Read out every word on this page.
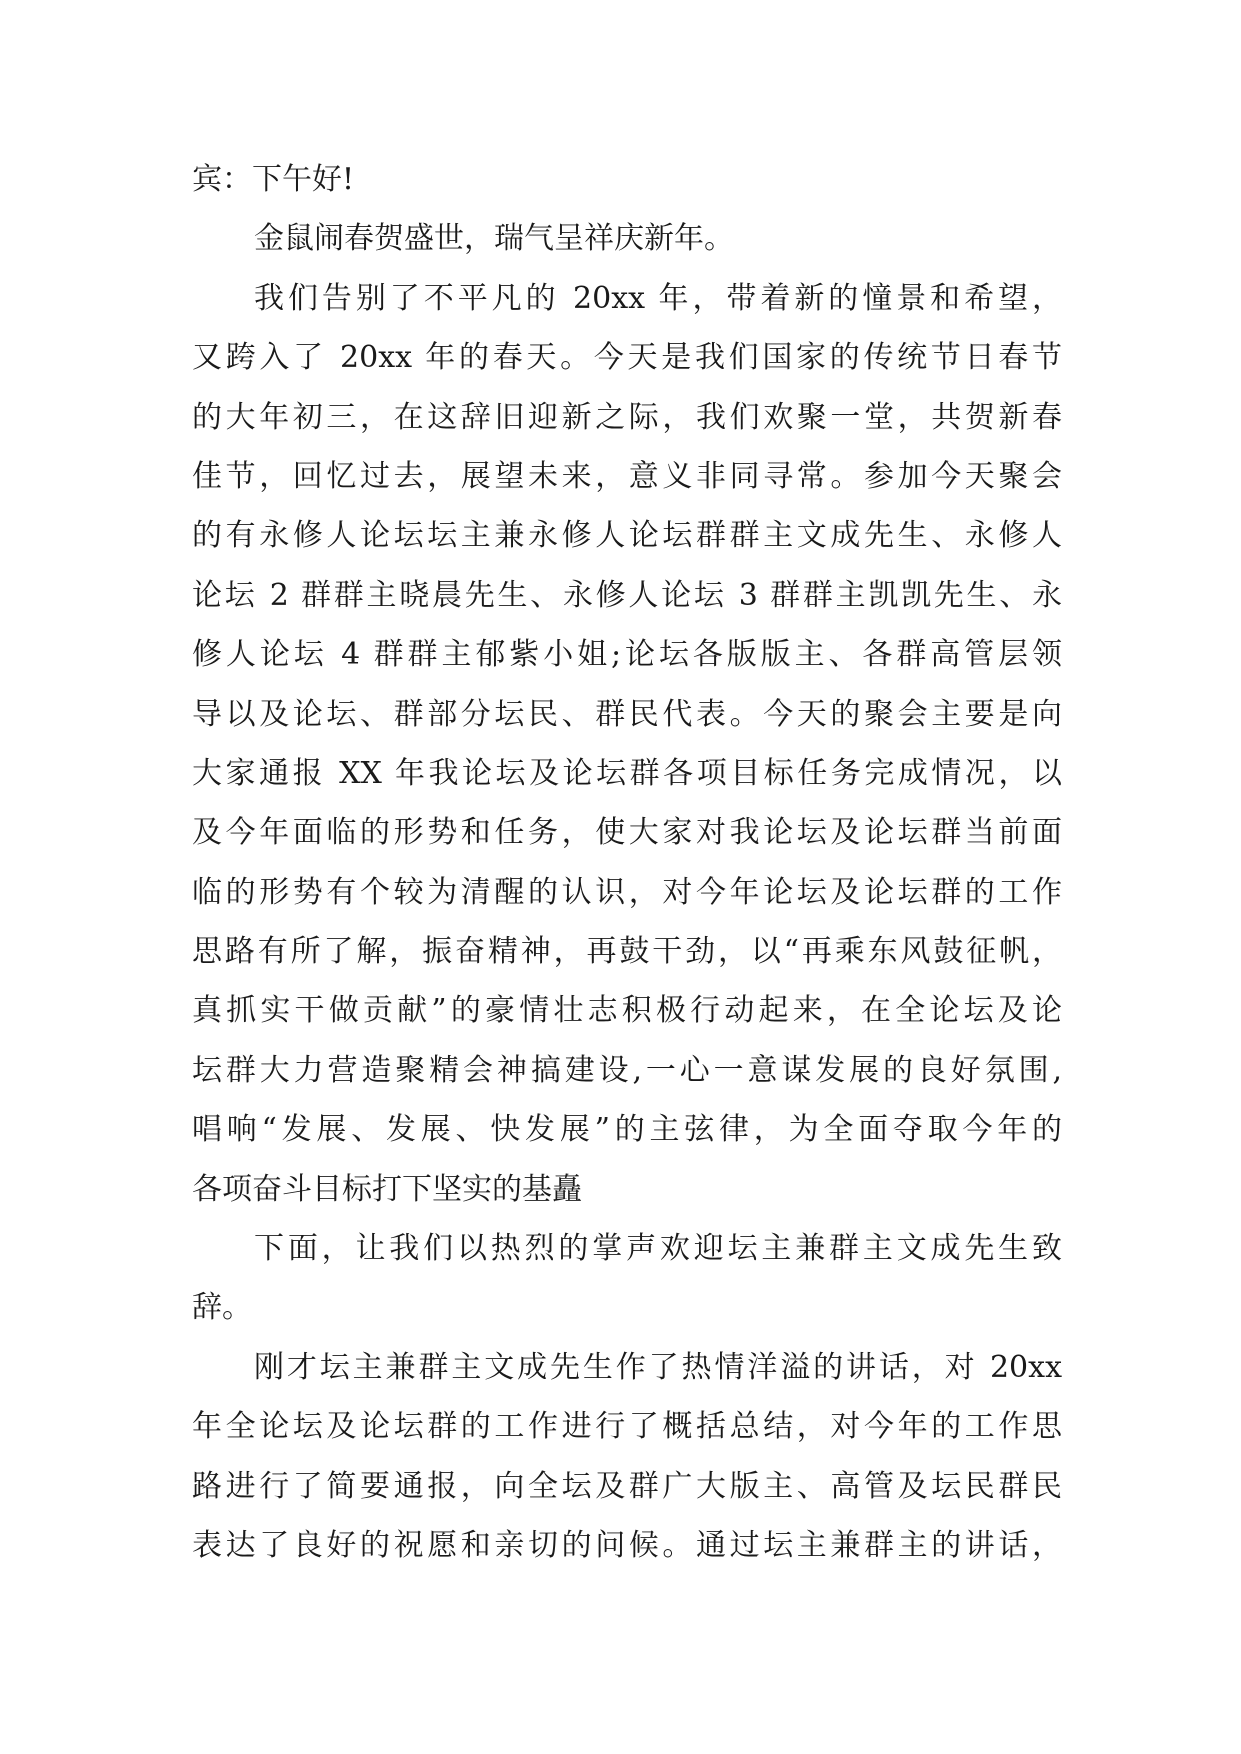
宾：下午好!
金鼠闹春贺盛世，瑞气呈祥庆新年。
我们告别了不平凡的 20xx 年，带着新的憧景和希望，
又跨入了 20xx 年的春天。今天是我们国家的传统节日春节
的大年初三，在这辞旧迎新之际，我们欢聚一堂，共贺新春
佳节，回忆过去，展望未来，意义非同寻常。参加今天聚会
的有永修人论坛坛主兼永修人论坛群群主文成先生、永修人
论坛 2 群群主晓晨先生、永修人论坛 3 群群主凯凯先生、永
修人论坛 4 群群主郁紫小姐;论坛各版版主、各群高管层领
导以及论坛、群部分坛民、群民代表。今天的聚会主要是向
大家通报 XX 年我论坛及论坛群各项目标任务完成情况，以
及今年面临的形势和任务，使大家对我论坛及论坛群当前面
临的形势有个较为清醒的认识，对今年论坛及论坛群的工作
思路有所了解，振奋精神，再鼓干劲，以“再乘东风鼓征帆，
真抓实干做贡献”的豪情壮志积极行动起来，在全论坛及论
坛群大力营造聚精会神搞建设,一心一意谋发展的良好氛围,
唱响“发展、发展、快发展”的主弦律，为全面夺取今年的
各项奋斗目标打下坚实的基矗
下面，让我们以热烈的掌声欢迎坛主兼群主文成先生致
辞。
刚才坛主兼群主文成先生作了热情洋溢的讲话，对 20xx
年全论坛及论坛群的工作进行了概括总结，对今年的工作思
路进行了简要通报，向全坛及群广大版主、高管及坛民群民
表达了良好的祝愿和亲切的问候。通过坛主兼群主的讲话，
